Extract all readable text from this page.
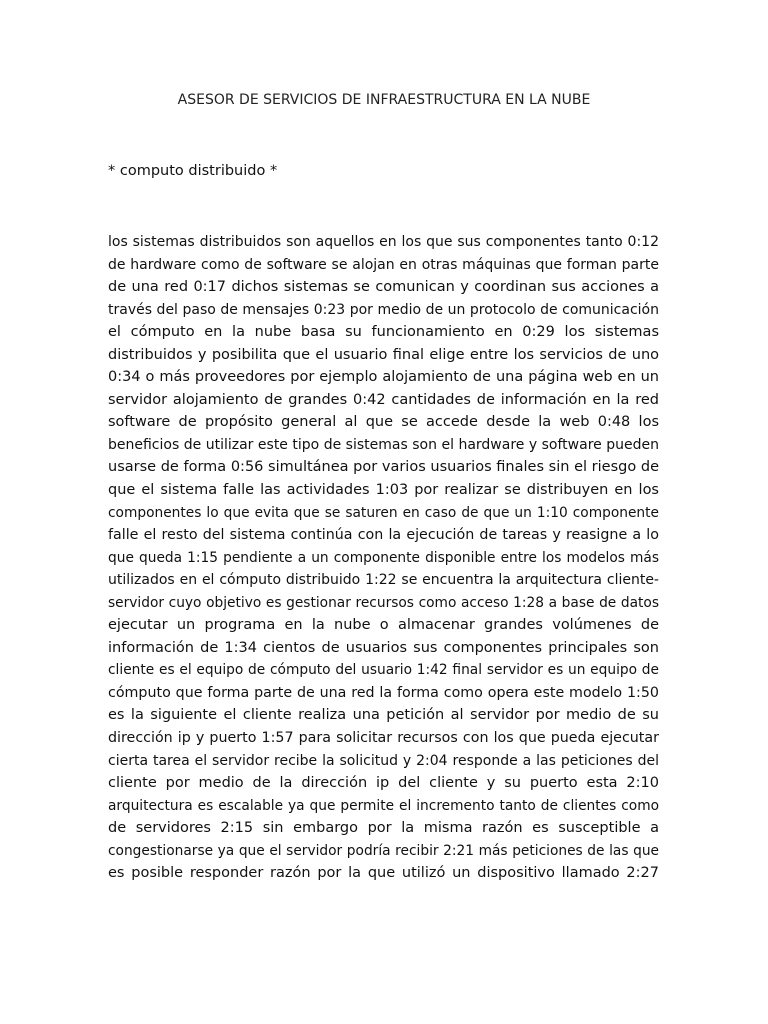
ASESOR DE SERVICIOS DE INFRAESTRUCTURA EN LA NUBE
* computo distribuido *
los sistemas distribuidos son aquellos en los que sus componentes tanto 0:12
de hardware como de software se alojan en otras máquinas que forman parte
de una red 0:17 dichos sistemas se comunican y coordinan sus acciones a
través del paso de mensajes 0:23 por medio de un protocolo de comunicación
el cómputo en la nube basa su funcionamiento en 0:29 los sistemas
distribuidos y posibilita que el usuario final elige entre los servicios de uno
0:34 o más proveedores por ejemplo alojamiento de una página web en un
servidor alojamiento de grandes 0:42 cantidades de información en la red
software de propósito general al que se accede desde la web 0:48 los
beneficios de utilizar este tipo de sistemas son el hardware y software pueden
usarse de forma 0:56 simultánea por varios usuarios finales sin el riesgo de
que el sistema falle las actividades 1:03 por realizar se distribuyen en los
componentes lo que evita que se saturen en caso de que un 1:10 componente
falle el resto del sistema continúa con la ejecución de tareas y reasigne a lo
que queda 1:15 pendiente a un componente disponible entre los modelos más
utilizados en el cómputo distribuido 1:22 se encuentra la arquitectura cliente-
servidor cuyo objetivo es gestionar recursos como acceso 1:28 a base de datos
ejecutar un programa en la nube o almacenar grandes volúmenes de
información de 1:34 cientos de usuarios sus componentes principales son
cliente es el equipo de cómputo del usuario 1:42 final servidor es un equipo de
cómputo que forma parte de una red la forma como opera este modelo 1:50
es la siguiente el cliente realiza una petición al servidor por medio de su
dirección ip y puerto 1:57 para solicitar recursos con los que pueda ejecutar
cierta tarea el servidor recibe la solicitud y 2:04 responde a las peticiones del
cliente por medio de la dirección ip del cliente y su puerto esta 2:10
arquitectura es escalable ya que permite el incremento tanto de clientes como
de servidores 2:15 sin embargo por la misma razón es susceptible a
congestionarse ya que el servidor podría recibir 2:21 más peticiones de las que
es posible responder razón por la que utilizó un dispositivo llamado 2:27
